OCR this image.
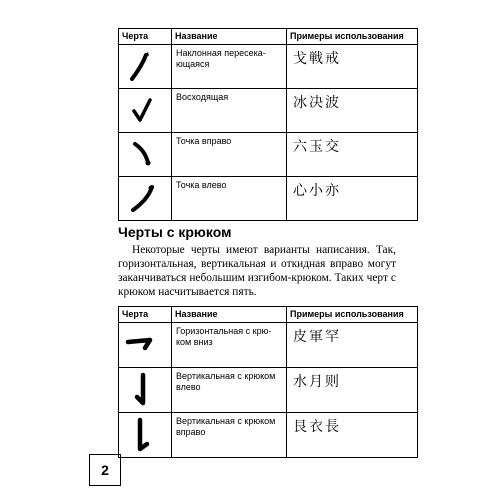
Черта	Название	Примеры использования

Наклонная пересека-ющаяся	戈戦戒

Восходящая	冰决波

Точка вправо	六玉交

Точка влево	心小亦
Черты с крюком

Некоторые черты имеют варианты написания. Так, горизонтальная, вертикальная и откидная вправо могут заканчиваться небольшим изгибом-крюком. Таких черт с крюком насчитывается пять.

Черта	Название	Примеры использования

Горизонтальная с крю-ком вниз	皮軍罕

Вертикальная с крюком влево	水月则

Вертикальная с крюком вправо	艮衣長
2
